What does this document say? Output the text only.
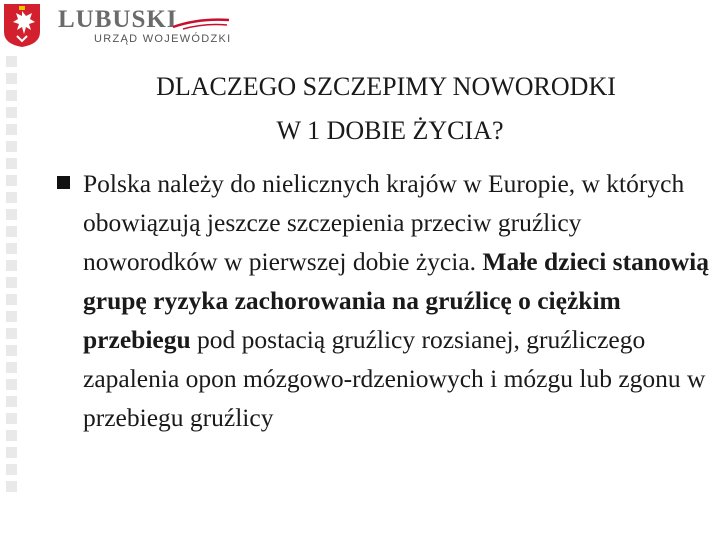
LUBUSKI
URZĄD WOJEWÓDZKI
DLACZEGO SZCZEPIMY NOWORODKI
W 1 DOBIE ŻYCIA?
Polska należy do nielicznych krajów w Europie, w których obowiązują jeszcze szczepienia przeciw gruźlicy noworodków w pierwszej dobie życia. Małe dzieci stanowią grupę ryzyka zachorowania na gruźlicę o ciężkim przebiegu pod postacią gruźlicy rozsianej, gruźliczego zapalenia opon mózgowo-rdzeniowych i mózgu lub zgonu w przebiegu gruźlicy
